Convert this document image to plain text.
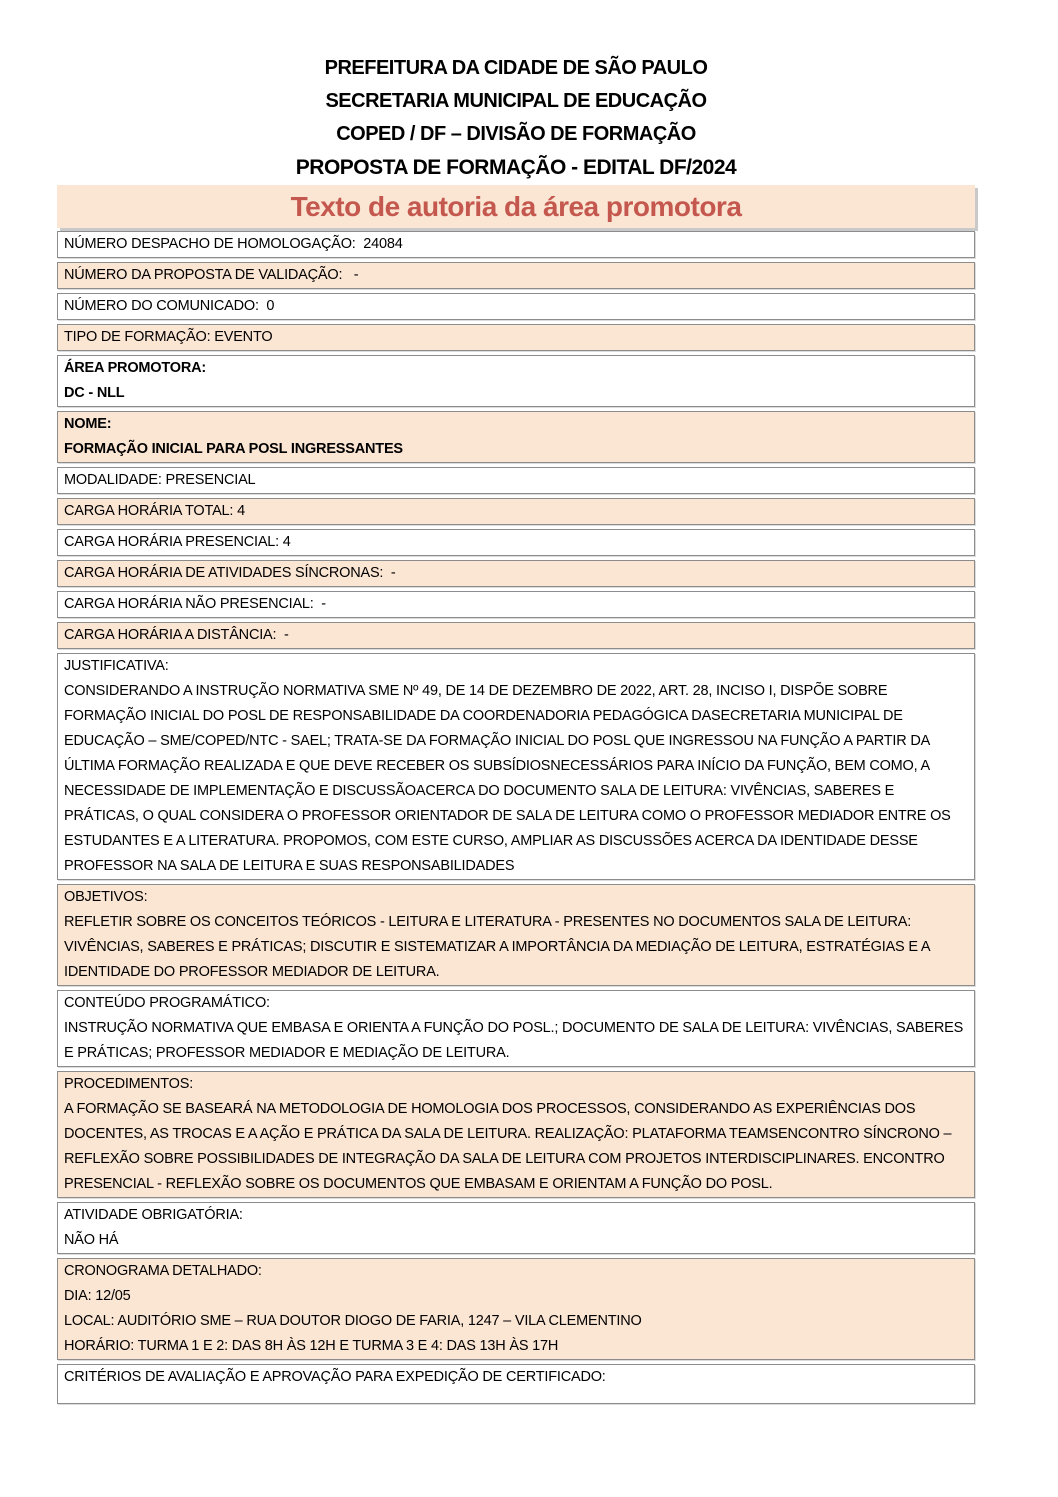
PREFEITURA DA CIDADE DE SÃO PAULO
SECRETARIA MUNICIPAL DE EDUCAÇÃO
COPED / DF – DIVISÃO DE FORMAÇÃO
PROPOSTA DE FORMAÇÃO - EDITAL DF/2024
Texto de autoria da área promotora
NÚMERO DESPACHO DE HOMOLOGAÇÃO:  24084
NÚMERO DA PROPOSTA DE VALIDAÇÃO:   -
NÚMERO DO COMUNICADO:  0
TIPO DE FORMAÇÃO: EVENTO
ÁREA PROMOTORA:
DC - NLL
NOME:
FORMAÇÃO INICIAL PARA POSL INGRESSANTES
MODALIDADE: PRESENCIAL
CARGA HORÁRIA TOTAL: 4
CARGA HORÁRIA PRESENCIAL: 4
CARGA HORÁRIA DE ATIVIDADES SÍNCRONAS:  -
CARGA HORÁRIA NÃO PRESENCIAL:  -
CARGA HORÁRIA A DISTÂNCIA:  -
JUSTIFICATIVA:
CONSIDERANDO A INSTRUÇÃO NORMATIVA SME Nº 49, DE 14 DE DEZEMBRO DE 2022, ART. 28, INCISO I, DISPÕE SOBRE FORMAÇÃO INICIAL DO POSL DE RESPONSABILIDADE DA COORDENADORIA PEDAGÓGICA DASECRETARIA MUNICIPAL DE EDUCAÇÃO – SME/COPED/NTC - SAEL; TRATA-SE DA FORMAÇÃO INICIAL DO POSL QUE INGRESSOU NA FUNÇÃO A PARTIR DA ÚLTIMA FORMAÇÃO REALIZADA E QUE DEVE RECEBER OS SUBSÍDIOSNECESSÁRIOS PARA INÍCIO DA FUNÇÃO, BEM COMO, A NECESSIDADE DE IMPLEMENTAÇÃO E DISCUSSÃOACERCA DO DOCUMENTO SALA DE LEITURA: VIVÊNCIAS, SABERES E PRÁTICAS, O QUAL CONSIDERA O PROFESSOR ORIENTADOR DE SALA DE LEITURA COMO O PROFESSOR MEDIADOR ENTRE OS ESTUDANTES E A LITERATURA. PROPOMOS, COM ESTE CURSO, AMPLIAR AS DISCUSSÕES ACERCA DA IDENTIDADE DESSE PROFESSOR NA SALA DE LEITURA E SUAS RESPONSABILIDADES
OBJETIVOS:
REFLETIR SOBRE OS CONCEITOS TEÓRICOS - LEITURA E LITERATURA - PRESENTES NO DOCUMENTOS SALA DE LEITURA: VIVÊNCIAS, SABERES E PRÁTICAS; DISCUTIR E SISTEMATIZAR A IMPORTÂNCIA DA MEDIAÇÃO DE LEITURA, ESTRATÉGIAS E A IDENTIDADE DO PROFESSOR MEDIADOR DE LEITURA.
CONTEÚDO PROGRAMÁTICO:
INSTRUÇÃO NORMATIVA QUE EMBASA E ORIENTA A FUNÇÃO DO POSL.; DOCUMENTO DE SALA DE LEITURA: VIVÊNCIAS, SABERES E PRÁTICAS; PROFESSOR MEDIADOR E MEDIAÇÃO DE LEITURA.
PROCEDIMENTOS:
A FORMAÇÃO SE BASEARÁ NA METODOLOGIA DE HOMOLOGIA DOS PROCESSOS, CONSIDERANDO AS EXPERIÊNCIAS DOS DOCENTES, AS TROCAS E A AÇÃO E PRÁTICA DA SALA DE LEITURA. REALIZAÇÃO: PLATAFORMA TEAMSENCONTRO SÍNCRONO – REFLEXÃO SOBRE POSSIBILIDADES DE INTEGRAÇÃO DA SALA DE LEITURA COM PROJETOS INTERDISCIPLINARES. ENCONTRO PRESENCIAL - REFLEXÃO SOBRE OS DOCUMENTOS QUE EMBASAM E ORIENTAM A FUNÇÃO DO POSL.
ATIVIDADE OBRIGATÓRIA:
NÃO HÁ
CRONOGRAMA DETALHADO:
DIA: 12/05
LOCAL: AUDITÓRIO SME – RUA DOUTOR DIOGO DE FARIA, 1247 – VILA CLEMENTINO
HORÁRIO: TURMA 1 E 2: DAS 8H ÀS 12H E TURMA 3 E 4: DAS 13H ÀS 17H
CRITÉRIOS DE AVALIAÇÃO E APROVAÇÃO PARA EXPEDIÇÃO DE CERTIFICADO:
